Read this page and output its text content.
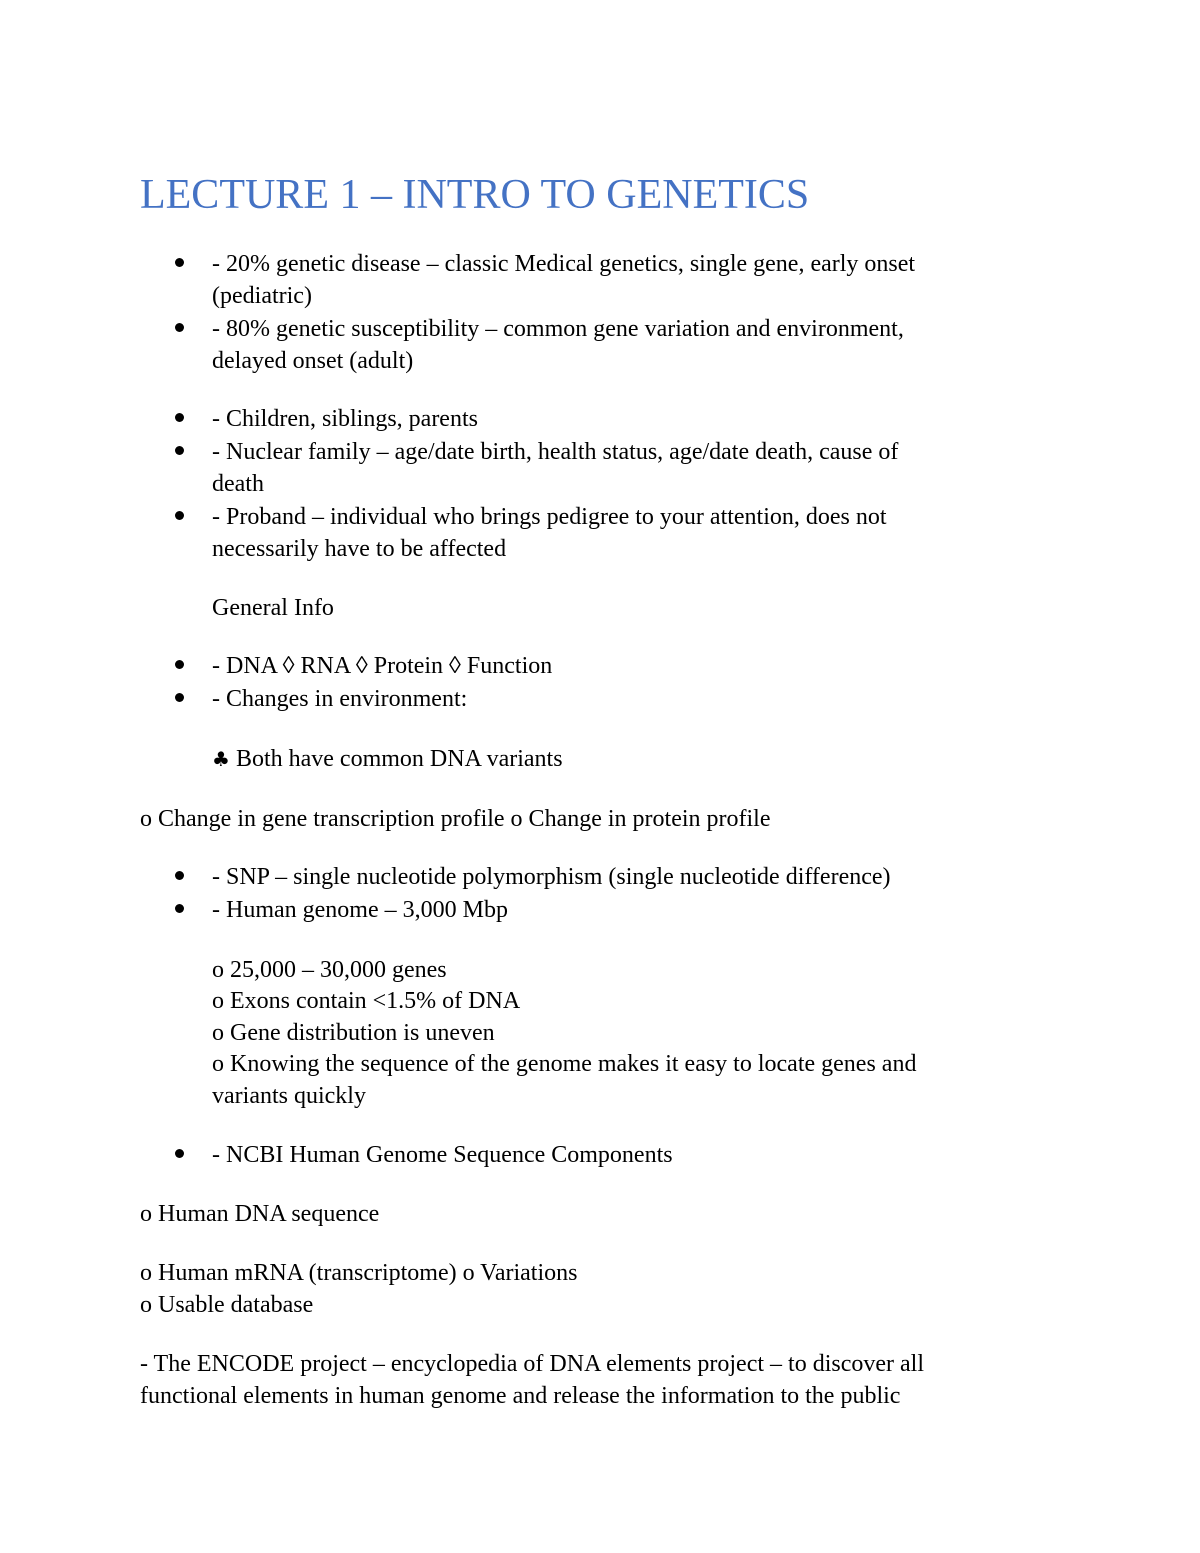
LECTURE 1 – INTRO TO GENETICS
- 20% genetic disease – classic Medical genetics, single gene, early onset
(pediatric)
- 80% genetic susceptibility – common gene variation and environment,
delayed onset (adult)
- Children, siblings, parents
- Nuclear family – age/date birth, health status, age/date death, cause of
death
- Proband – individual who brings pedigree to your attention, does not
necessarily have to be affected
General Info
- DNA ◊ RNA ◊ Protein ◊ Function
- Changes in environment:
♣ Both have common DNA variants
o Change in gene transcription profile o Change in protein profile
- SNP – single nucleotide polymorphism (single nucleotide difference)
- Human genome – 3,000 Mbp
o 25,000 – 30,000 genes
o Exons contain <1.5% of DNA
o Gene distribution is uneven
o Knowing the sequence of the genome makes it easy to locate genes and
variants quickly
- NCBI Human Genome Sequence Components
o Human DNA sequence
o Human mRNA (transcriptome) o Variations
o Usable database
- The ENCODE project – encyclopedia of DNA elements project – to discover all
functional elements in human genome and release the information to the public
